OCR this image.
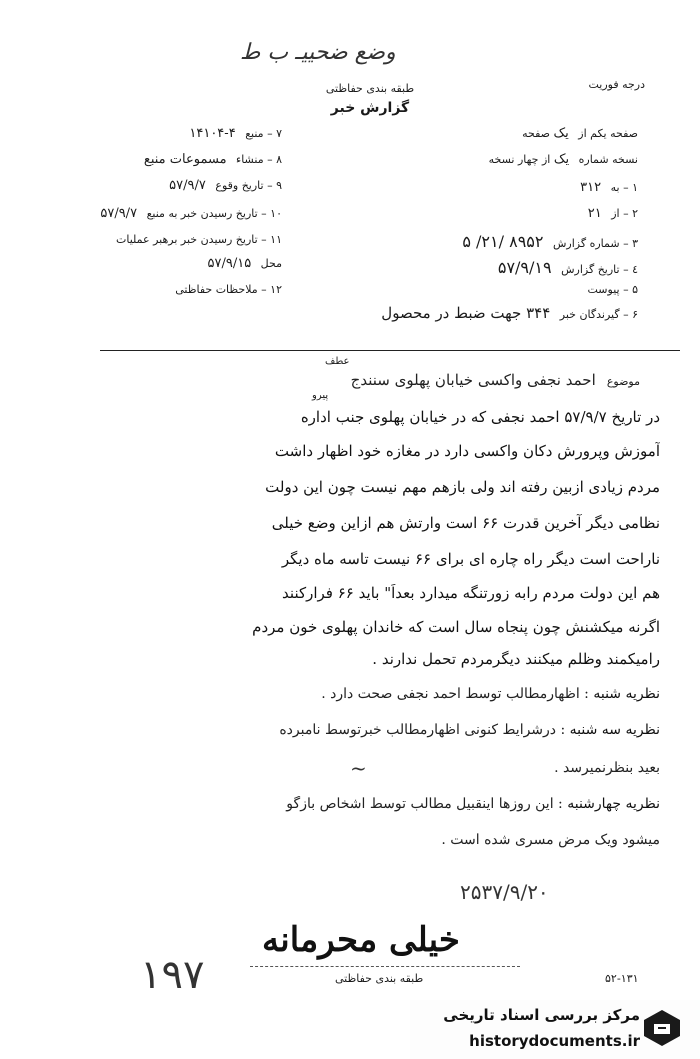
وضع ضحییـ ب ط
درجه فوریت
طبقه بندی حفاظتی
گزارش خبر
۷ – منبع ۴-۱۴۱۰۴
۸ – منشاء مسموعات منبع
۹ – تاریخ وقوع ۵۷/۹/۷
۱۰ – تاریخ رسیدن خبر به منبع ۵۷/۹/۷
۱۱ – تاریخ رسیدن خبر برهبر عملیات
محل ۵۷/۹/۱۵
۱۲ – ملاحظات حفاظتی
صفحه یکم از یک صفحه
نسخه شماره یک از چهار نسخه
۱ – به ۳۱۲
۲ – از ۲۱
۳ – شماره گزارش ۸۹۵۲ /۲۱/ ۵
٤ – تاریخ گزارش ۵۷/۹/۱۹
۵ – پیوست
۶ – گیرندگان خبر ۳۴۴ جهت ضبط در محصول
موضوع احمد نجفی واکسی خیابان پهلوی سنندج
عطف
پیرو
در تاریخ ۵۷/۹/۷ احمد نجفی که در خیابان پهلوی جنب اداره
آموزش وپرورش دکان واکسی دارد در مغازه خود اظهار داشت
مردم زیادی ازبین رفته اند ولی بازهم مهم نیست چون این دولت
نظامی دیگر آخرین قدرت ۶۶ است وارتش هم ازاین وضع خیلی
ناراحت است دیگر راه چاره ای برای ۶۶ نیست تاسه ماه دیگر
هم این دولت مردم رابه زورتنگه میدارد بعداً" باید ۶۶ فرارکنند
اگرنه میکشنش چون پنجاه سال است که خاندان پهلوی خون مردم
رامیکمند وظلم میکنند دیگرمردم تحمل ندارند .
نظریه شنبه : اظهارمطالب توسط احمد نجفی صحت دارد .
نظریه سه شنبه : درشرایط کنونی اظهارمطالب خبرتوسط نامبرده
بعید بنظرنمیرسد .
~
نظریه چهارشنبه : این روزها اینقبیل مطالب توسط اشخاص بازگو
میشود ویک مرض مسری شده است .
۲۵۳۷/۹/۲۰
خیلی محرمانه
طبقه بندی حفاظتی
۱۹۷	۵۲-۱۳۱
مرکز بررسی اسناد تاریخی
historydocuments.ir
